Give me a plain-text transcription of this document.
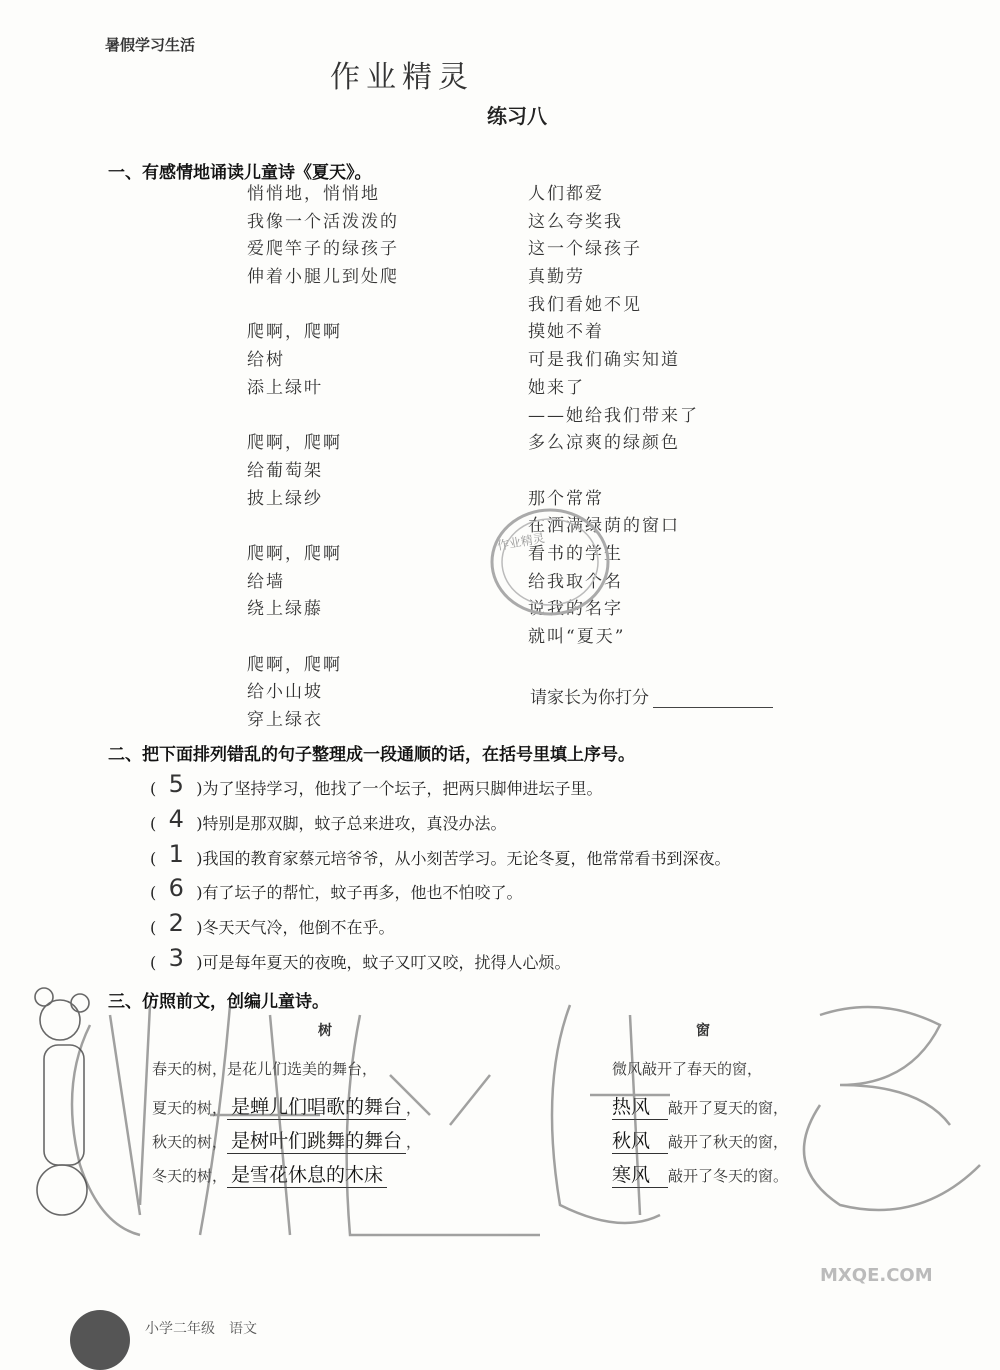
暑假学习生活
作业精灵
练习八
一、有感情地诵读儿童诗《夏天》。
悄悄地，悄悄地
我像一个活泼泼的
爱爬竿子的绿孩子
伸着小腿儿到处爬
爬啊，爬啊
给树
添上绿叶
爬啊，爬啊
给葡萄架
披上绿纱
爬啊，爬啊
给墙
绕上绿藤
爬啊，爬啊
给小山坡
穿上绿衣
人们都爱
这么夸奖我
这一个绿孩子
真勤劳
我们看她不见
摸她不着
可是我们确实知道
她来了
——她给我们带来了
多么凉爽的绿颜色
那个常常
在洒满绿荫的窗口
看书的学生
给我取个名
说我的名字
就叫“夏天”
作业精灵
请家长为你打分
二、把下面排列错乱的句子整理成一段通顺的话，在括号里填上序号。
( 5 )为了坚持学习，他找了一个坛子，把两只脚伸进坛子里。
( 4 )特别是那双脚，蚊子总来进攻，真没办法。
( 1 )我国的教育家蔡元培爷爷，从小刻苦学习。无论冬夏，他常常看书到深夜。
( 6 )有了坛子的帮忙，蚊子再多，他也不怕咬了。
( 2 )冬天天气冷，他倒不在乎。
( 3 )可是每年夏天的夜晚，蚊子又叮又咬，扰得人心烦。
三、仿照前文，创编儿童诗。
树	窗
春天的树，是花儿们选美的舞台，
夏天的树， 是蝉儿们唱歌的舞台 ，
秋天的树， 是树叶们跳舞的舞台 ，
冬天的树， 是雪花休息的木床
微风敲开了春天的窗，
热风 敲开了夏天的窗，
秋风 敲开了秋天的窗，
寒风 敲开了冬天的窗。
MXQE.COM
小学二年级　语文
